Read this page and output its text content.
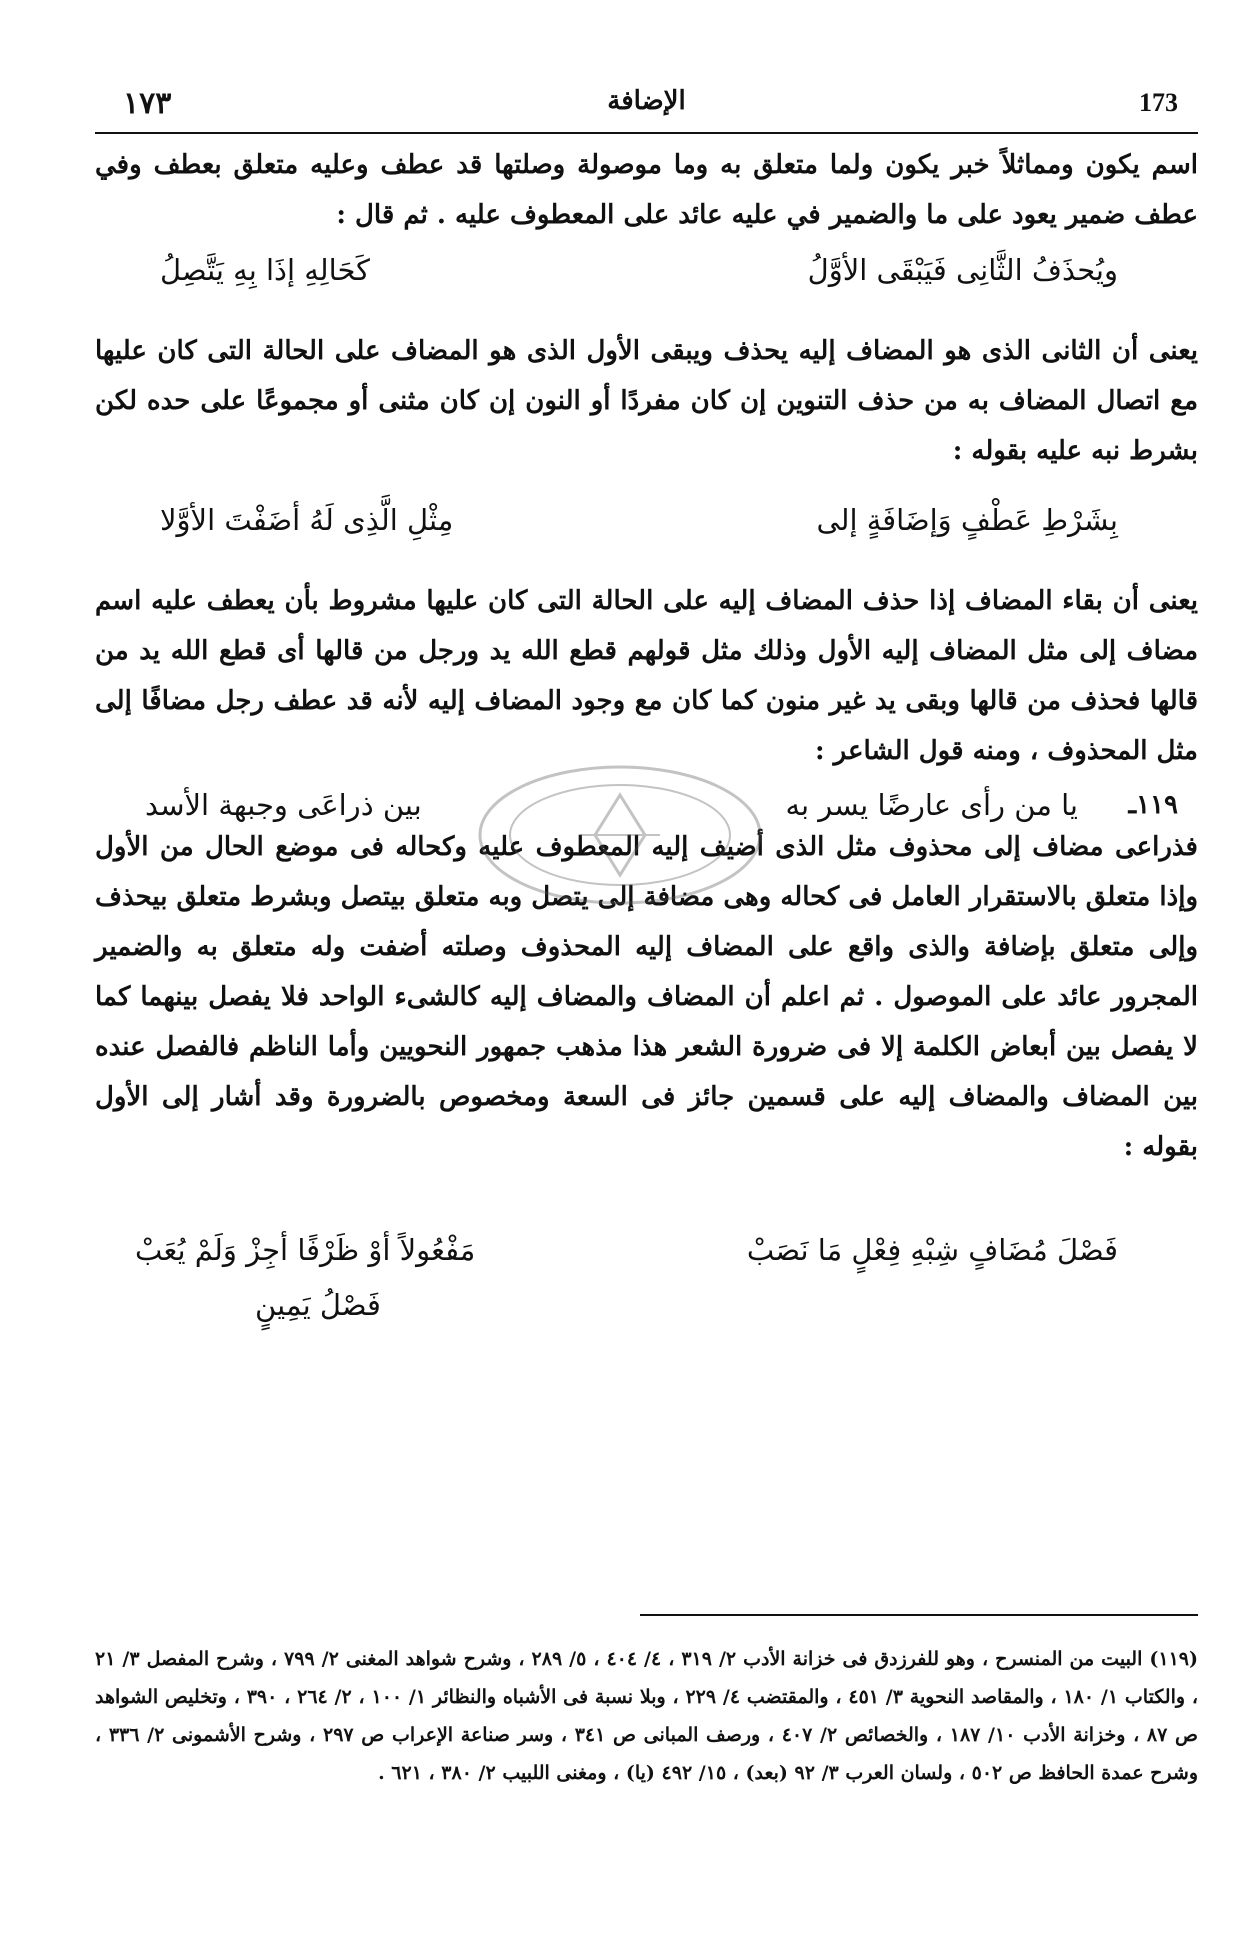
١٧٣	الإضافة	173

اسم يكون ومماثلاً خبر يكون ولما متعلق به وما موصولة وصلتها قد عطف وعليه متعلق بعطف وفي عطف ضمير يعود على ما والضمير في عليه عائد على المعطوف عليه . ثم قال :

ويُحذَفُ الثَّانِى فَيَبْقَى الأوَّلُ
كَحَالِهِ إذَا بِهِ يَتَّصِلُ

يعنى أن الثانى الذى هو المضاف إليه يحذف ويبقى الأول الذى هو المضاف على الحالة التى كان عليها مع اتصال المضاف به من حذف التنوين إن كان مفردًا أو النون إن كان مثنى أو مجموعًا على حده لكن بشرط نبه عليه بقوله :

بِشَرْطِ عَطْفٍ وَإضَافَةٍ إلى
مِثْلِ الَّذِى لَهُ أضَفْتَ الأوَّلا

يعنى أن بقاء المضاف إذا حذف المضاف إليه على الحالة التى كان عليها مشروط بأن يعطف عليه اسم مضاف إلى مثل المضاف إليه الأول وذلك مثل قولهم قطع الله يد ورجل من قالها أى قطع الله يد من قالها فحذف من قالها وبقى يد غير منون كما كان مع وجود المضاف إليه لأنه قد عطف رجل مضافًا إلى مثل المحذوف ، ومنه قول الشاعر :

١١٩ـ
يا من رأى عارضًا يسر به
بين ذراعَى وجبهة الأسد

فذراعى مضاف إلى محذوف مثل الذى أضيف إليه المعطوف عليه وكحاله فى موضع الحال من الأول وإذا متعلق بالاستقرار العامل فى كحاله وهى مضافة إلى يتصل وبه متعلق بيتصل وبشرط متعلق بيحذف وإلى متعلق بإضافة والذى واقع على المضاف إليه المحذوف وصلته أضفت وله متعلق به والضمير المجرور عائد على الموصول . ثم اعلم أن المضاف والمضاف إليه كالشىء الواحد فلا يفصل بينهما كما لا يفصل بين أبعاض الكلمة إلا فى ضرورة الشعر هذا مذهب جمهور النحويين وأما الناظم فالفصل عنده بين المضاف والمضاف إليه على قسمين جائز فى السعة ومخصوص بالضرورة وقد أشار إلى الأول بقوله :

فَصْلَ مُضَافٍ شِبْهِ فِعْلٍ مَا نَصَبْ
مَفْعُولاً أوْ ظَرْفًا أجِزْ وَلَمْ يُعَبْ
فَصْلُ يَمِينٍ

(١١٩) البيت من المنسرح ، وهو للفرزدق فى خزانة الأدب ٢/ ٣١٩ ، ٤/ ٤٠٤ ، ٥/ ٢٨٩ ، وشرح شواهد المغنى ٢/ ٧٩٩ ، وشرح المفصل ٣/ ٢١ ، والكتاب ١/ ١٨٠ ، والمقاصد النحوية ٣/ ٤٥١ ، والمقتضب ٤/ ٢٢٩ ، وبلا نسبة فى الأشباه والنظائر ١/ ١٠٠ ، ٢/ ٢٦٤ ، ٣٩٠ ، وتخليص الشواهد ص ٨٧ ، وخزانة الأدب ١٠/ ١٨٧ ، والخصائص ٢/ ٤٠٧ ، ورصف المبانى ص ٣٤١ ، وسر صناعة الإعراب ص ٢٩٧ ، وشرح الأشمونى ٢/ ٣٣٦ ، وشرح عمدة الحافظ ص ٥٠٢ ، ولسان العرب ٣/ ٩٢ (بعد) ، ١٥/ ٤٩٢ (يا) ، ومغنى اللبيب ٢/ ٣٨٠ ، ٦٢١ .
